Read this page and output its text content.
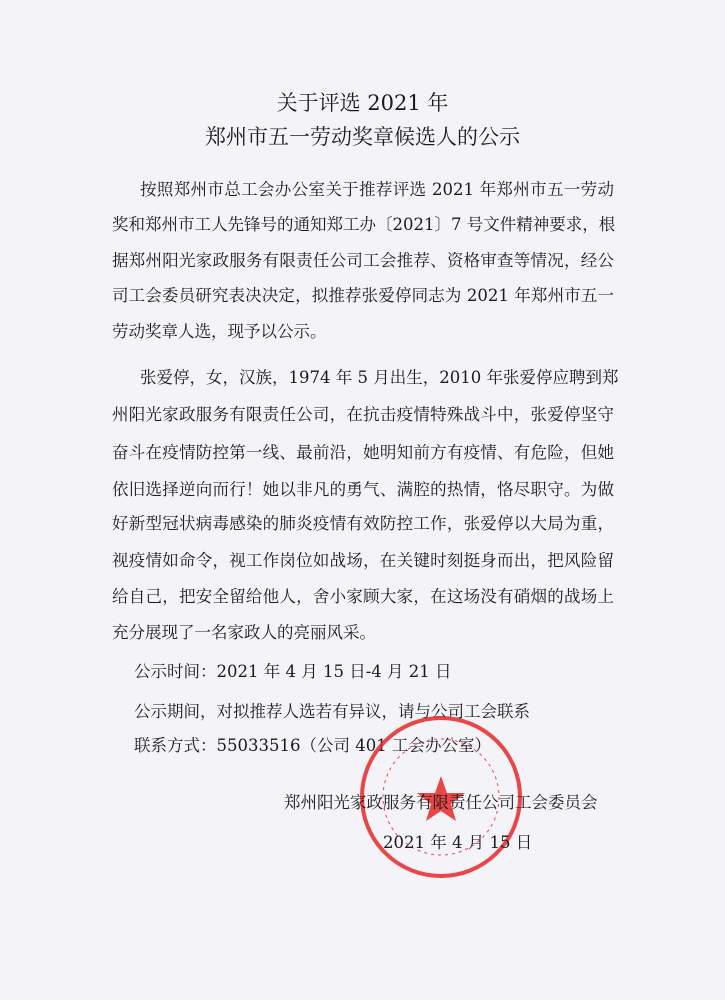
关于评选 2021 年
郑州市五一劳动奖章候选人的公示
按照郑州市总工会办公室关于推荐评选 2021 年郑州市五一劳动
奖和郑州市工人先锋号的通知郑工办〔2021〕7 号文件精神要求，根
据郑州阳光家政服务有限责任公司工会推荐、资格审查等情况，经公
司工会委员研究表决决定，拟推荐张爱停同志为 2021 年郑州市五一
劳动奖章人选，现予以公示。
张爱停，女，汉族，1974 年 5 月出生，2010 年张爱停应聘到郑
州阳光家政服务有限责任公司，在抗击疫情特殊战斗中，张爱停坚守
奋斗在疫情防控第一线、最前沿，她明知前方有疫情、有危险，但她
依旧选择逆向而行！她以非凡的勇气、满腔的热情，恪尽职守。为做
好新型冠状病毒感染的肺炎疫情有效防控工作，张爱停以大局为重，
视疫情如命令，视工作岗位如战场，在关键时刻挺身而出，把风险留
给自己，把安全留给他人，舍小家顾大家，在这场没有硝烟的战场上
充分展现了一名家政人的亮丽风采。
公示时间：2021 年 4 月 15 日-4 月 21 日
公示期间，对拟推荐人选若有异议，请与公司工会联系
联系方式：55033516（公司 401 工会办公室）
郑州阳光家政服务有限责任公司工会委员会
2021 年 4 月 15 日
